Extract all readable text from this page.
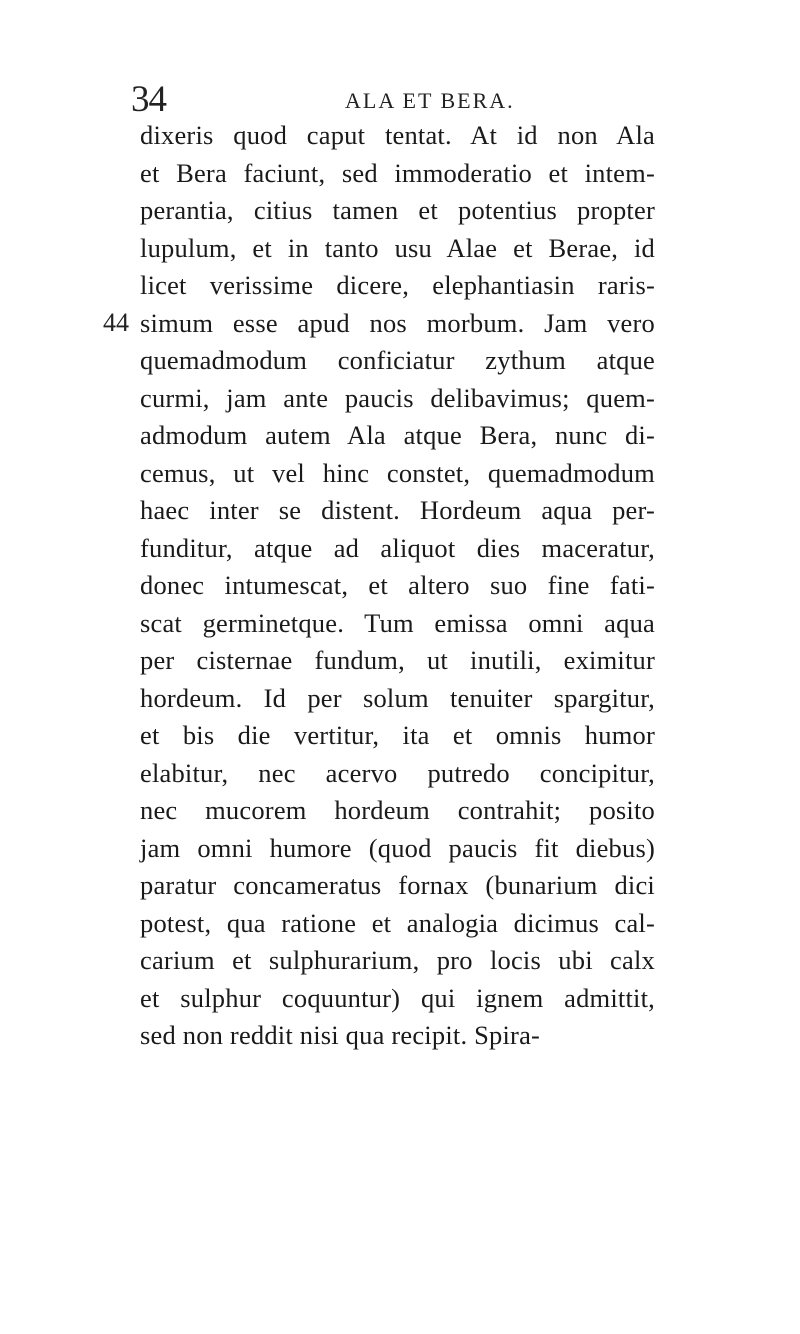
34	ALA ET BERA.
44
dixeris quod caput tentat. At id non Ala
et Bera faciunt, sed immoderatio et intem-
perantia, citius tamen et potentius propter
lupulum, et in tanto usu Alae et Berae, id
licet verissime dicere, elephantiasin raris-
simum esse apud nos morbum. Jam vero
quemadmodum conficiatur zythum atque
curmi, jam ante paucis delibavimus; quem-
admodum autem Ala atque Bera, nunc di-
cemus, ut vel hinc constet, quemadmodum
haec inter se distent. Hordeum aqua per-
funditur, atque ad aliquot dies maceratur,
donec intumescat, et altero suo fine fati-
scat germinetque. Tum emissa omni aqua
per cisternae fundum, ut inutili, eximitur
hordeum. Id per solum tenuiter spargitur,
et bis die vertitur, ita et omnis humor
elabitur, nec acervo putredo concipitur,
nec mucorem hordeum contrahit; posito
jam omni humore (quod paucis fit diebus)
paratur concameratus fornax (bunarium dici
potest, qua ratione et analogia dicimus cal-
carium et sulphurarium, pro locis ubi calx
et sulphur coquuntur) qui ignem admittit,
sed non reddit nisi qua recipit. Spira-
